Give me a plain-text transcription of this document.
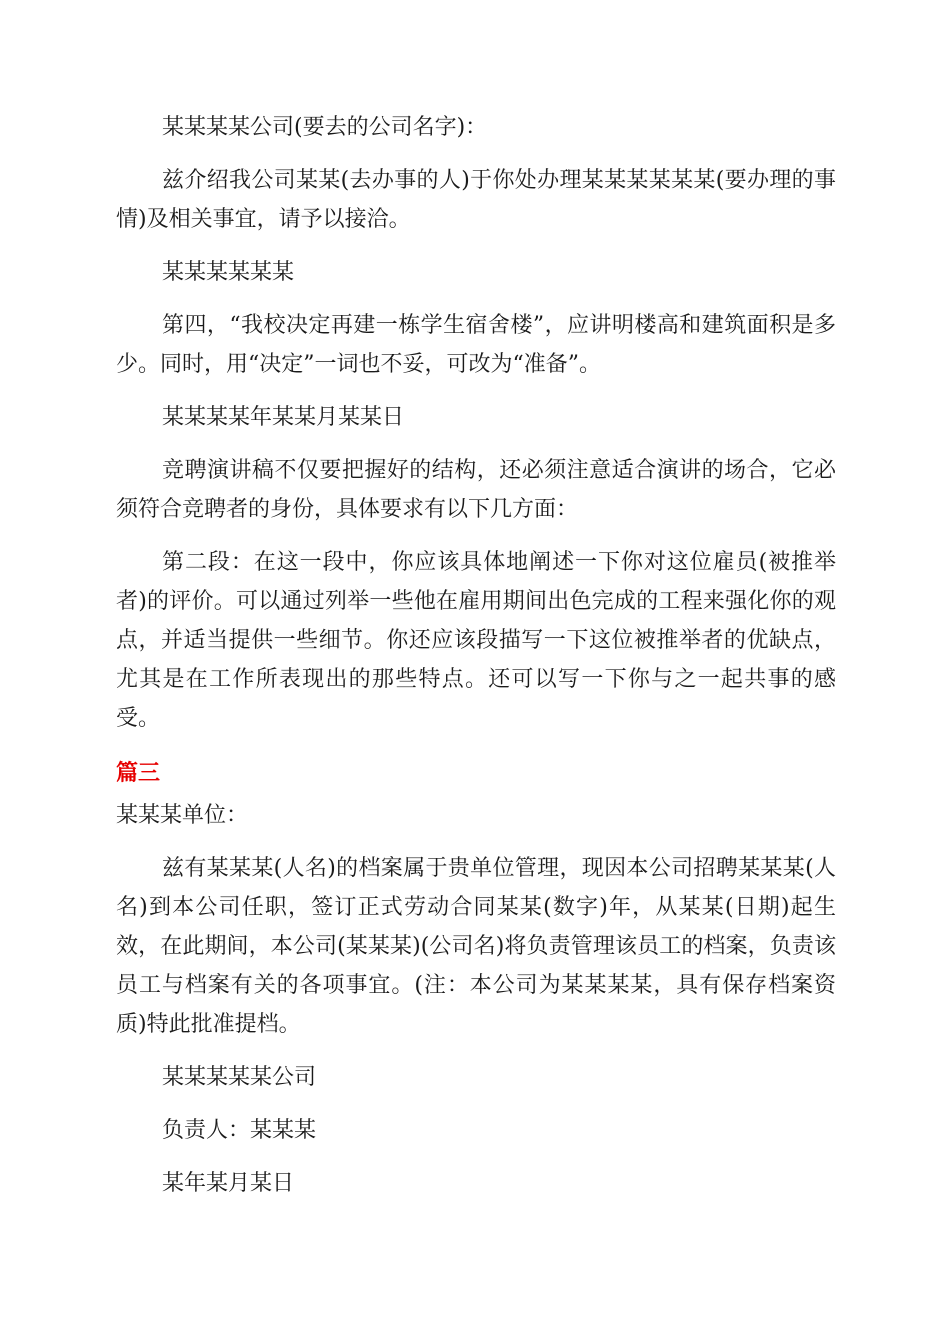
某某某某公司(要去的公司名字)：

兹介绍我公司某某(去办事的人)于你处办理某某某某某某(要办理的事情)及相关事宜，请予以接洽。

某某某某某某

第四，“我校决定再建一栋学生宿舍楼”，应讲明楼高和建筑面积是多少。同时，用“决定”一词也不妥，可改为“准备”。

某某某某年某某月某某日

竞聘演讲稿不仅要把握好的结构，还必须注意适合演讲的场合，它必须符合竞聘者的身份，具体要求有以下几方面：

第二段：在这一段中，你应该具体地阐述一下你对这位雇员(被推举者)的评价。可以通过列举一些他在雇用期间出色完成的工程来强化你的观点，并适当提供一些细节。你还应该段描写一下这位被推举者的优缺点，尤其是在工作所表现出的那些特点。还可以写一下你与之一起共事的感受。

篇三

某某某单位：

兹有某某某(人名)的档案属于贵单位管理，现因本公司招聘某某某(人名)到本公司任职，签订正式劳动合同某某(数字)年，从某某(日期)起生效，在此期间，本公司(某某某)(公司名)将负责管理该员工的档案，负责该员工与档案有关的各项事宜。(注：本公司为某某某某，具有保存档案资质)特此批准提档。

某某某某某公司

负责人：某某某

某年某月某日
